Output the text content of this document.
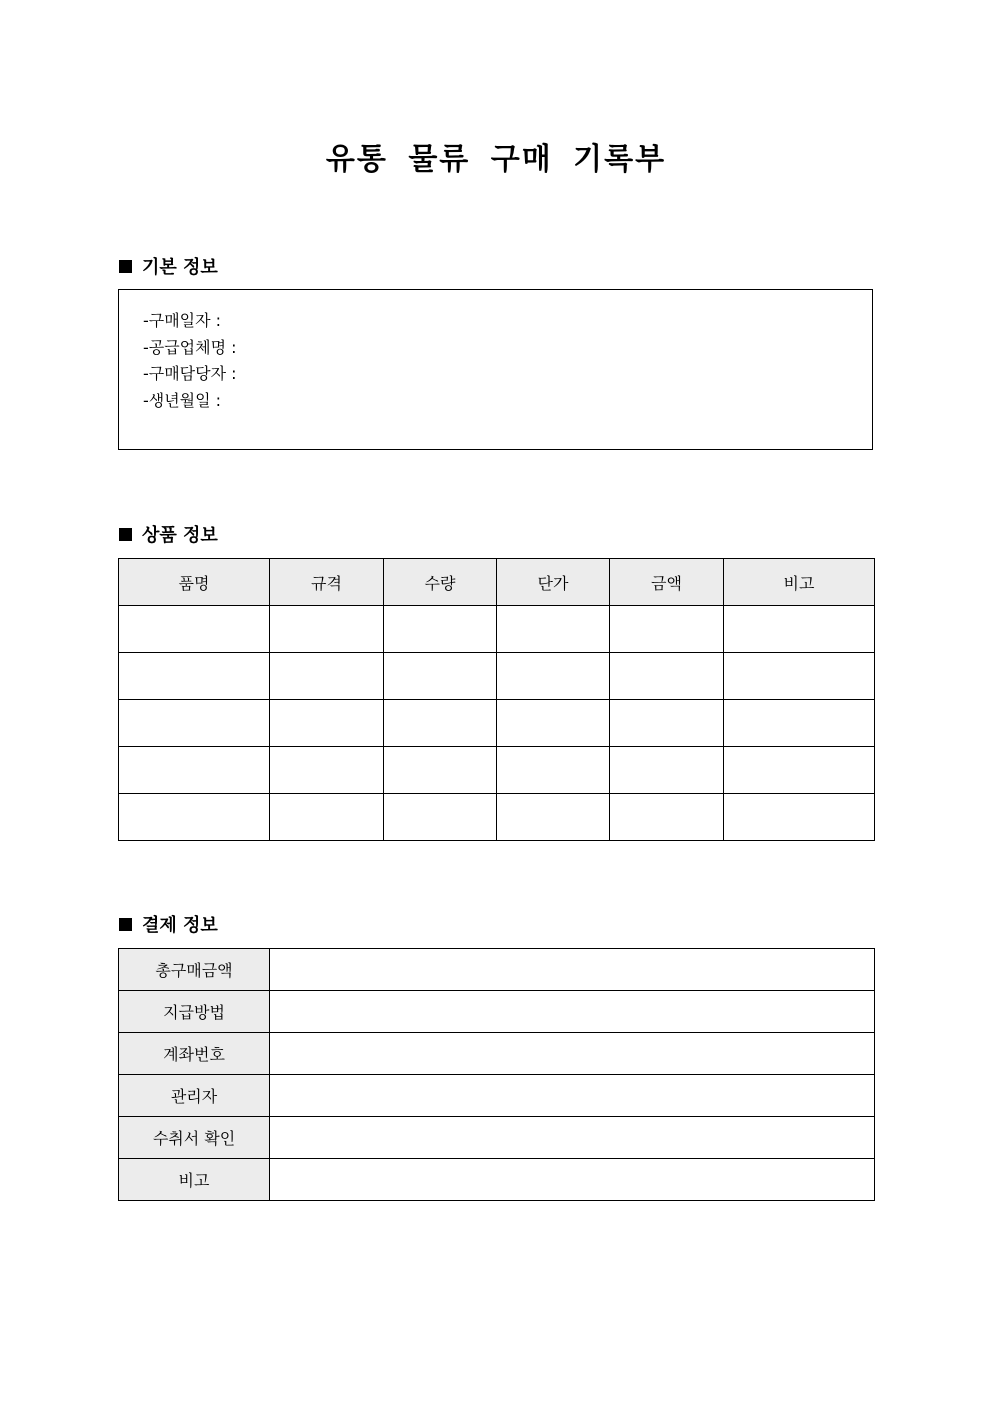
유통 물류 구매 기록부
기본 정보
-구매일자 :
-공급업체명 :
-구매담당자 :
-생년월일 :
상품 정보
품명	규격	수량	단가	금액	비고

결제 정보
총구매금액	
지급방법	
계좌번호	
관리자	
수취서 확인	
비고	
